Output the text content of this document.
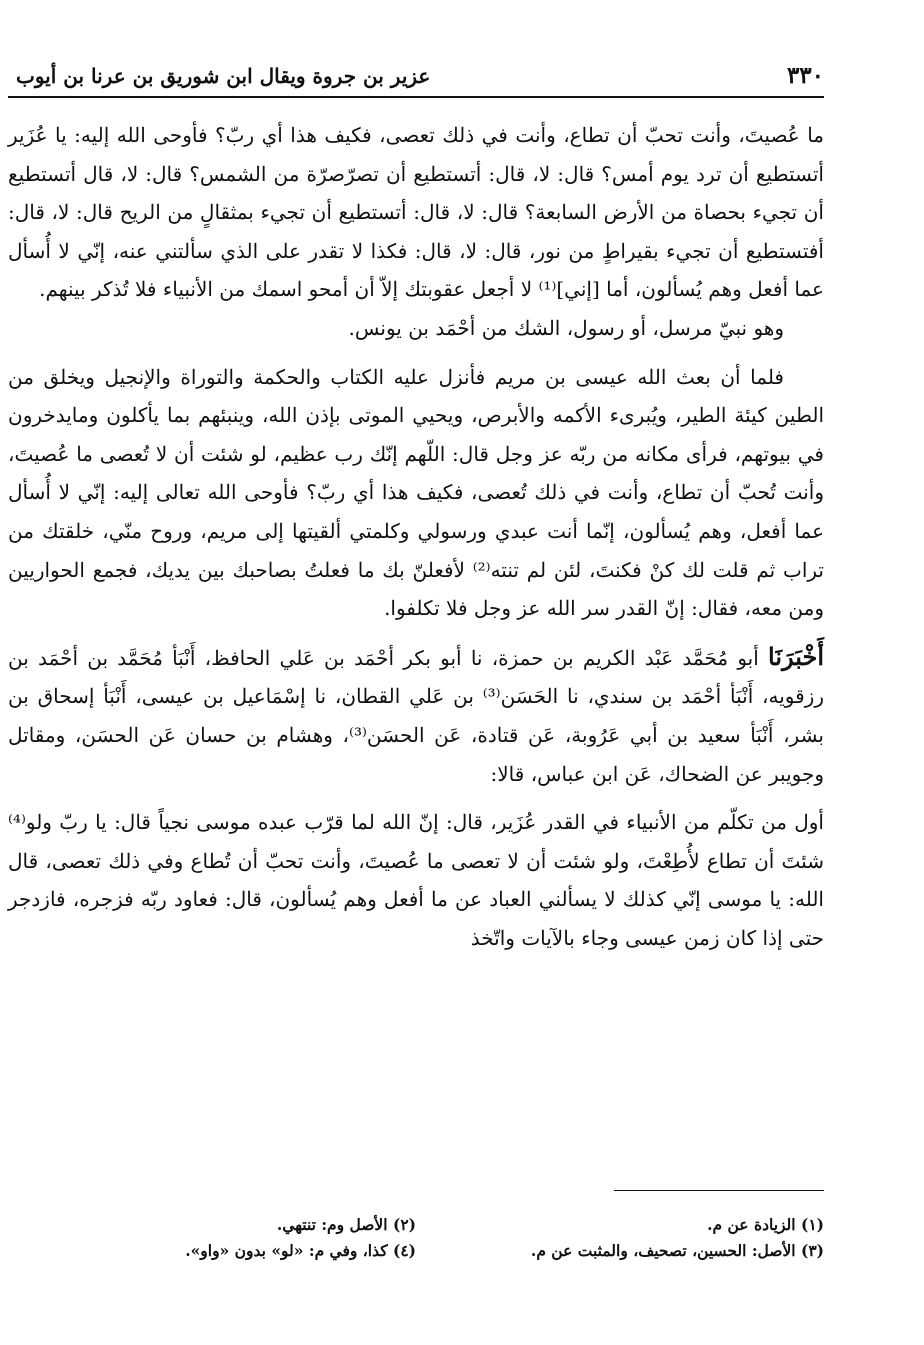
٣٣٠
عزير بن جروة ويقال ابن شوريق بن عرنا بن أيوب

ما عُصيتَ، وأنت تحبّ أن تطاع، وأنت في ذلك تعصى، فكيف هذا أي ربّ؟ فأوحى الله إليه: يا عُزَير أتستطيع أن ترد يوم أمس؟ قال: لا، قال: أتستطيع أن تصرّصرّة من الشمس؟ قال: لا، قال أتستطيع أن تجيء بحصاة من الأرض السابعة؟ قال: لا، قال: أتستطيع أن تجيء بمثقالٍ من الريح قال: لا، قال: أفتستطيع أن تجيء بقيراطٍ من نور، قال: لا، قال: فكذا لا تقدر على الذي سألتني عنه، إنّي لا أُسأل عما أفعل وهم يُسألون، أما [إني]⁽¹⁾ لا أجعل عقوبتك إلاّ أن أمحو اسمك من الأنبياء فلا تُذكر بينهم.

وهو نبيّ مرسل، أو رسول، الشك من أحْمَد بن يونس.

فلما أن بعث الله عيسى بن مريم فأنزل عليه الكتاب والحكمة والتوراة والإنجيل ويخلق من الطين كيئة الطير، ويُبرىء الأكمه والأبرص، ويحيي الموتى بإذن الله، وينبئهم بما يأكلون ومايدخرون في بيوتهم، فرأى مكانه من ربّه عز وجل قال: اللّهم إنّك رب عظيم، لو شئت أن لا تُعصى ما عُصيتَ، وأنت تُحبّ أن تطاع، وأنت في ذلك تُعصى، فكيف هذا أي ربّ؟ فأوحى الله تعالى إليه: إنّي لا أُسأل عما أفعل، وهم يُسألون، إنّما أنت عبدي ورسولي وكلمتي ألقيتها إلى مريم، وروح منّي، خلقتك من تراب ثم قلت لك كنْ فكنتَ، لئن لم تنته⁽²⁾ لأفعلنّ بك ما فعلتُ بصاحبك بين يديك، فجمع الحواريين ومن معه، فقال: إنّ القدر سر الله عز وجل فلا تكلفوا.

أَخْبَرَنَا أبو مُحَمَّد عَبْد الكريم بن حمزة، نا أبو بكر أحْمَد بن عَلي الحافظ، أَنْبَأ مُحَمَّد بن أحْمَد بن رزقويه، أَنْبَأ أحْمَد بن سندي، نا الحَسَن⁽³⁾ بن عَلي القطان، نا إسْمَاعيل بن عيسى، أَنْبَأ إسحاق بن بشر، أَنْبَأ سعيد بن أبي عَرُوبة، عَن قتادة، عَن الحسَن⁽³⁾، وهشام بن حسان عَن الحسَن، ومقاتل وجويبر عن الضحاك، عَن ابن عباس، قالا:

أول من تكلّم من الأنبياء في القدر عُزَير، قال: إنّ الله لما قرّب عبده موسى نجياً قال: يا ربّ ولو⁽⁴⁾ شئتَ أن تطاع لأُطِعْتَ، ولو شئت أن لا تعصى ما عُصيتَ، وأنت تحبّ أن تُطاع وفي ذلك تعصى، قال الله: يا موسى إنّي كذلك لا يسألني العباد عن ما أفعل وهم يُسألون، قال: فعاود ربّه فزجره، فازدجر حتى إذا كان زمن عيسى وجاء بالآيات واتّخذ

(١) الزيادة عن م.
(٢) الأصل وم: تنتهي.
(٣) الأصل: الحسين، تصحيف، والمثبت عن م.
(٤) كذا، وفي م: «لو» بدون «واو».
